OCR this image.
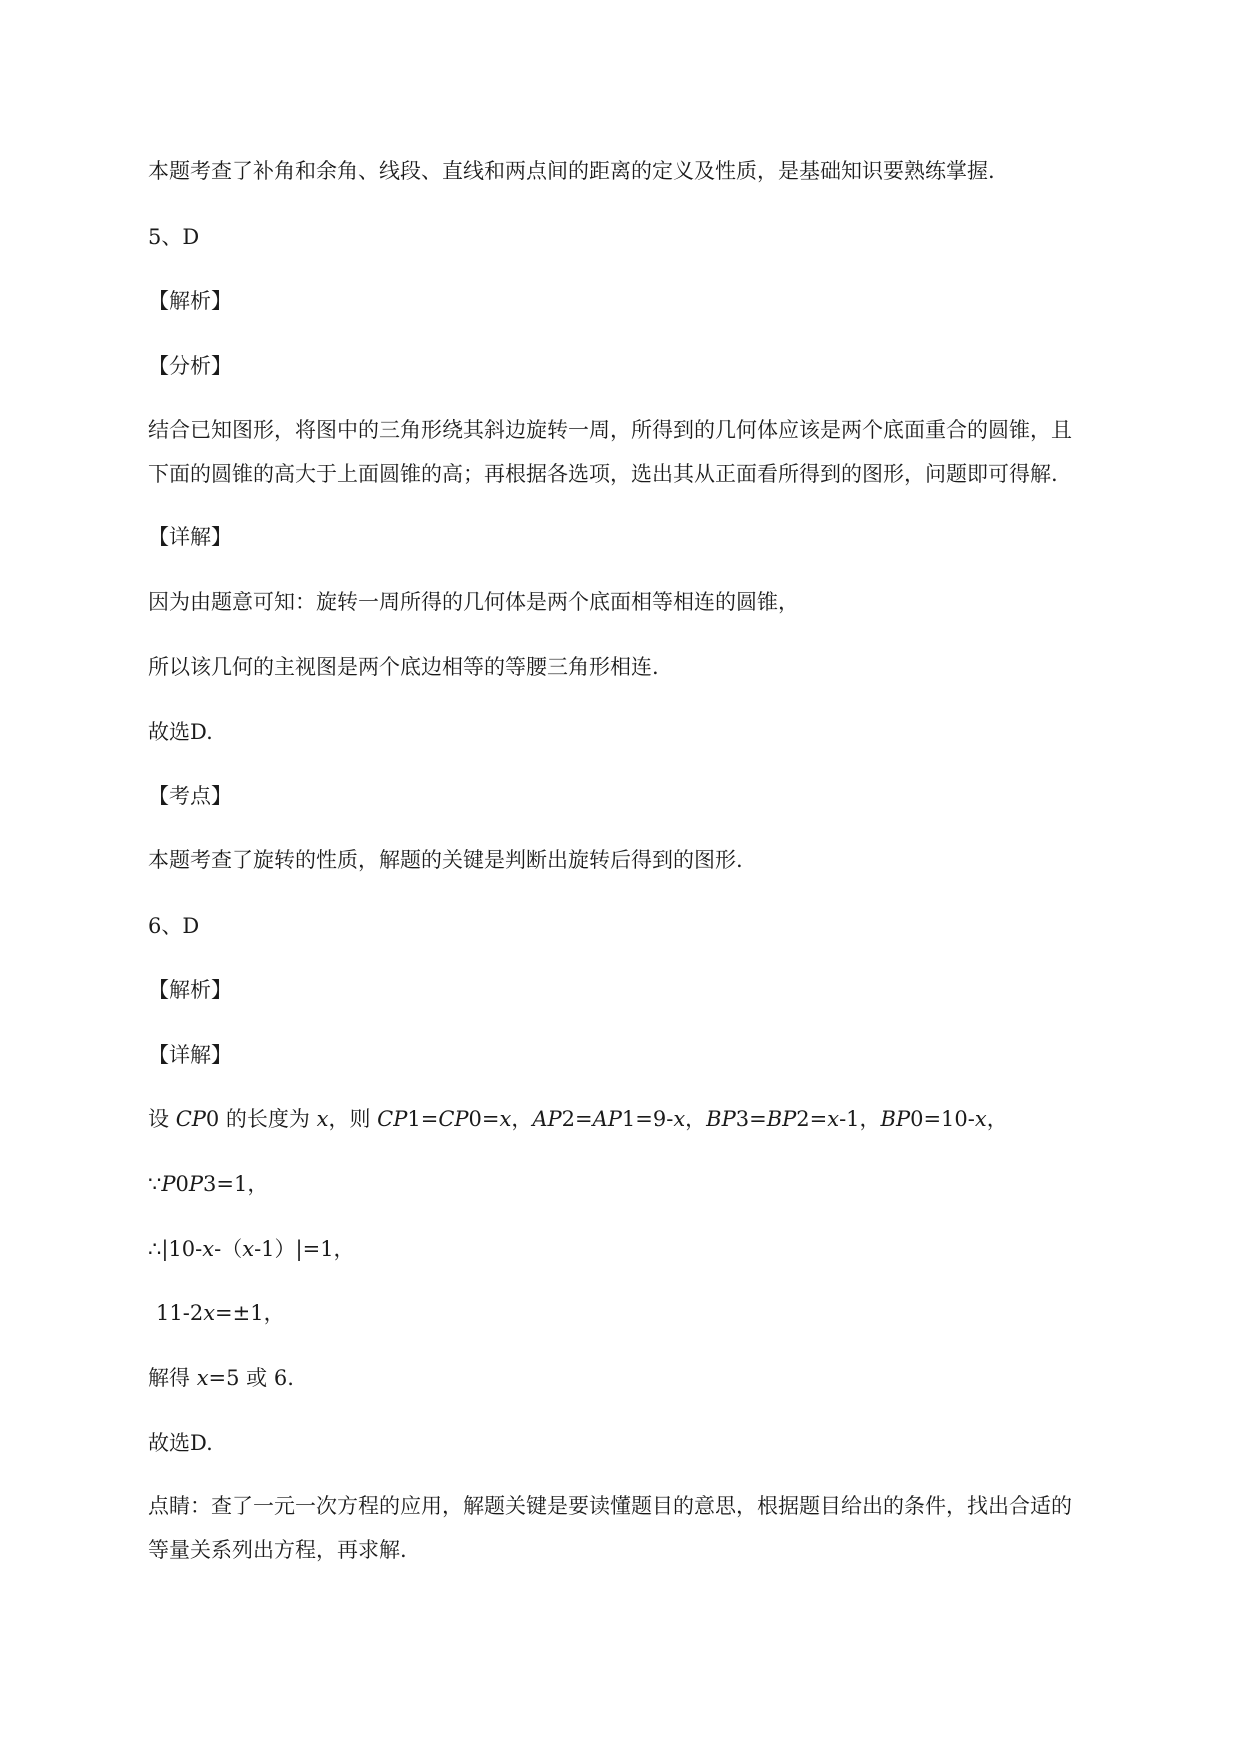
本题考查了补角和余角、线段、直线和两点间的距离的定义及性质，是基础知识要熟练掌握.
5、D
【解析】
【分析】
结合已知图形，将图中的三角形绕其斜边旋转一周，所得到的几何体应该是两个底面重合的圆锥，且
下面的圆锥的高大于上面圆锥的高；再根据各选项，选出其从正面看所得到的图形，问题即可得解.
【详解】
因为由题意可知：旋转一周所得的几何体是两个底面相等相连的圆锥，
所以该几何的主视图是两个底边相等的等腰三角形相连.
故选D.
【考点】
本题考查了旋转的性质，解题的关键是判断出旋转后得到的图形.
6、D
【解析】
【详解】
设 CP0 的长度为 x，则 CP1=CP0=x，AP2=AP1=9-x，BP3=BP2=x-1，BP0=10-x，
∵P0P3=1，
∴|10-x-（x-1）|=1，
11-2x=±1，
解得 x=5 或 6.
故选D.
点睛：查了一元一次方程的应用，解题关键是要读懂题目的意思，根据题目给出的条件，找出合适的
等量关系列出方程，再求解.
